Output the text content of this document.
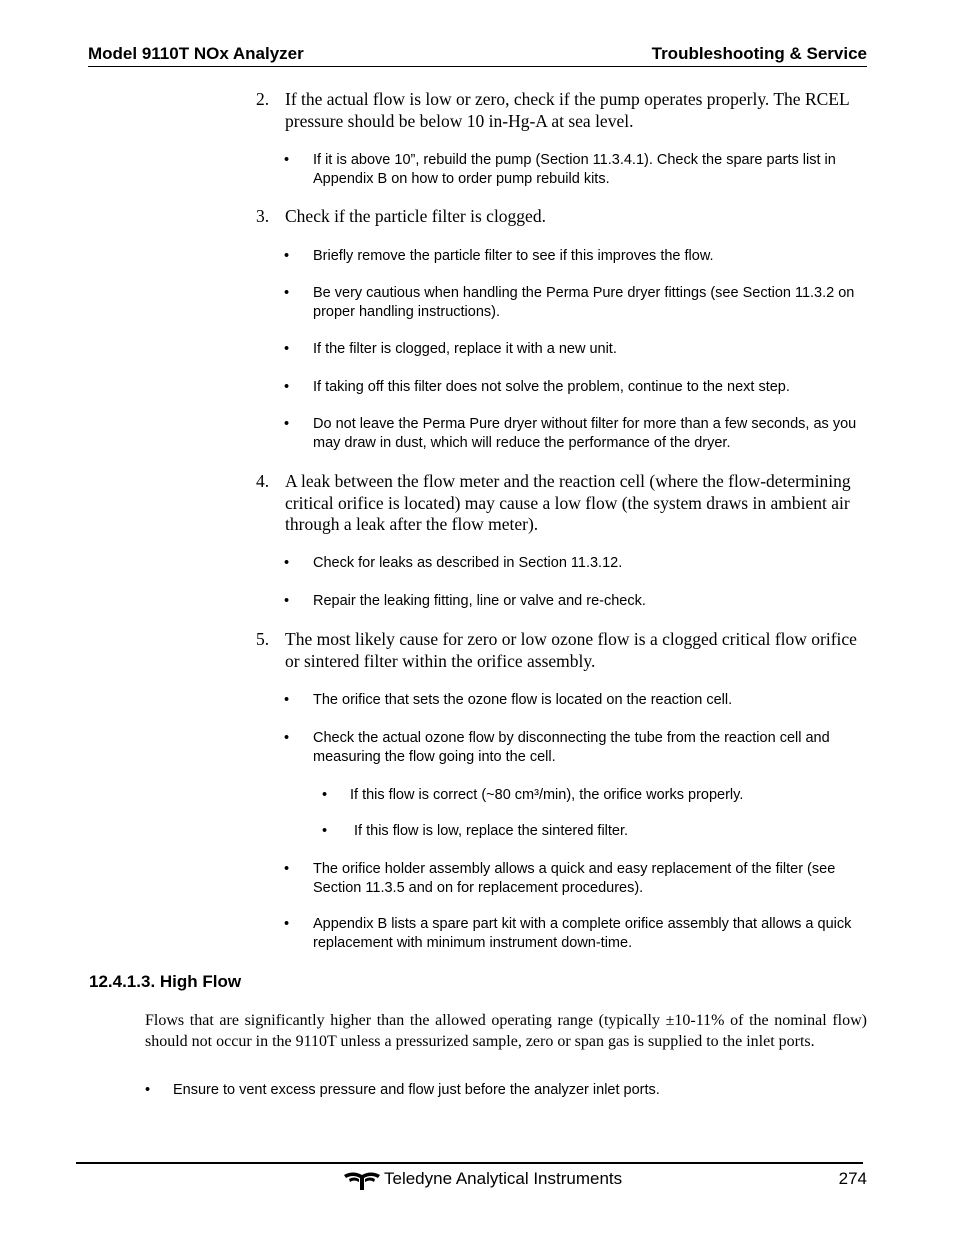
Model 9110T NOx Analyzer	Troubleshooting & Service
2. If the actual flow is low or zero, check if the pump operates properly. The RCEL pressure should be below 10 in-Hg-A at sea level.
• If it is above 10”, rebuild the pump (Section 11.3.4.1). Check the spare parts list in Appendix B on how to order pump rebuild kits.
3. Check if the particle filter is clogged.
• Briefly remove the particle filter to see if this improves the flow.
• Be very cautious when handling the Perma Pure dryer fittings (see Section 11.3.2 on proper handling instructions).
• If the filter is clogged, replace it with a new unit.
• If taking off this filter does not solve the problem, continue to the next step.
• Do not leave the Perma Pure dryer without filter for more than a few seconds, as you may draw in dust, which will reduce the performance of the dryer.
4. A leak between the flow meter and the reaction cell (where the flow-determining critical orifice is located) may cause a low flow (the system draws in ambient air through a leak after the flow meter).
• Check for leaks as described in Section 11.3.12.
• Repair the leaking fitting, line or valve and re-check.
5. The most likely cause for zero or low ozone flow is a clogged critical flow orifice or sintered filter within the orifice assembly.
• The orifice that sets the ozone flow is located on the reaction cell.
• Check the actual ozone flow by disconnecting the tube from the reaction cell and measuring the flow going into the cell.
• If this flow is correct (~80 cm³/min), the orifice works properly.
• If this flow is low, replace the sintered filter.
• The orifice holder assembly allows a quick and easy replacement of the filter (see Section 11.3.5 and on for replacement procedures).
• Appendix B lists a spare part kit with a complete orifice assembly that allows a quick replacement with minimum instrument down-time.
12.4.1.3. High Flow
Flows that are significantly higher than the allowed operating range (typically ±10-11% of the nominal flow) should not occur in the 9110T unless a pressurized sample, zero or span gas is supplied to the inlet ports.
• Ensure to vent excess pressure and flow just before the analyzer inlet ports.
Teledyne Analytical Instruments	274
